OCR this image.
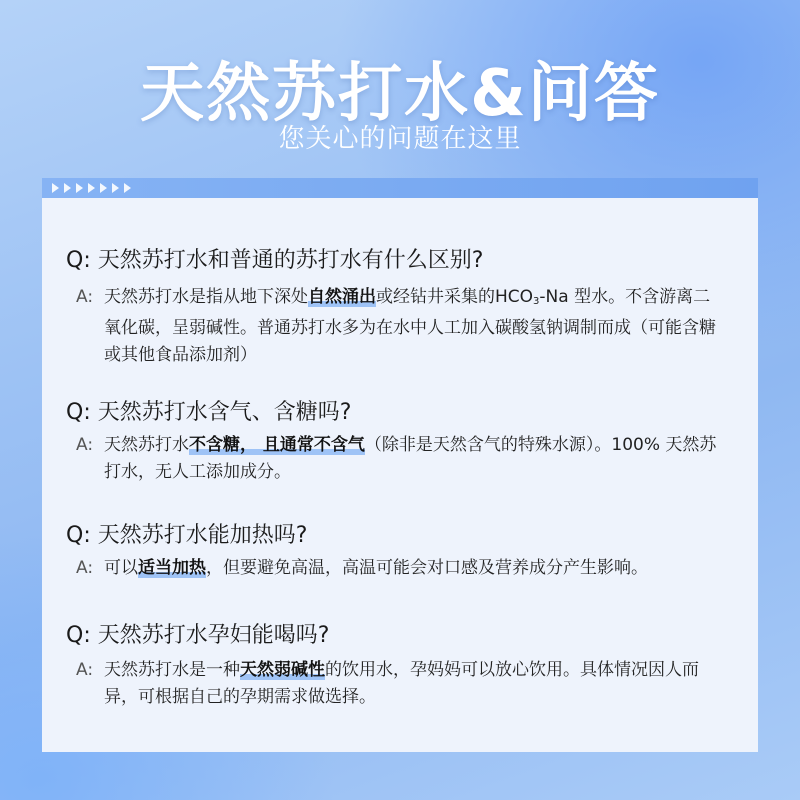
天然苏打水&问答
您关心的问题在这里
Q: 天然苏打水和普通的苏打水有什么区别?
A: 天然苏打水是指从地下深处自然涌出或经钻井采集的$HCO_3-Na$ 型水。不含游离二氧化碳，呈弱碱性。普通苏打水多为在水中人工加入碳酸氢钠调制而成（可能含糖或其他食品添加剂）
Q: 天然苏打水含气、含糖吗?
A: 天然苏打水不含糖， 且通常不含气（除非是天然含气的特殊水源）。100% 天然苏打水，无人工添加成分。
Q: 天然苏打水能加热吗?
A: 可以适当加热，但要避免高温，高温可能会对口感及营养成分产生影响。
Q: 天然苏打水孕妇能喝吗?
A: 天然苏打水是一种天然弱碱性的饮用水，孕妈妈可以放心饮用。具体情况因人而异，可根据自己的孕期需求做选择。
